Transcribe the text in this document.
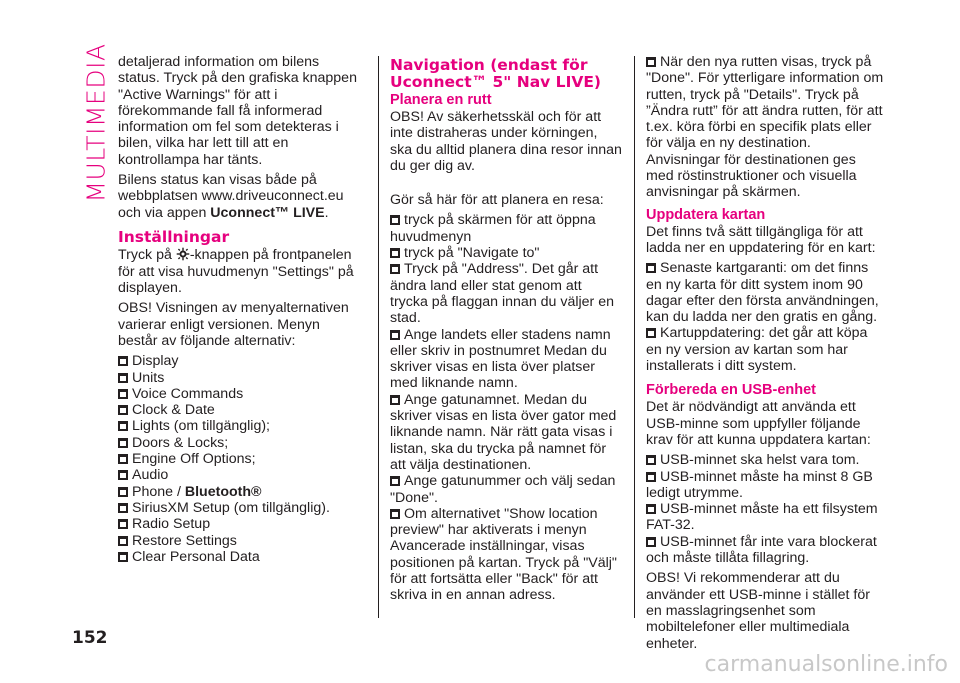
MULTIMEDIA detaljerad information om bilens status. Tryck på den grafiska knappen "Active Warnings" för att i förekommande fall få informerad information om fel som detekteras i bilen, vilka har lett till att en kontrollampa har tänts.

Bilens status kan visas både på webbplatsen www.driveuconnect.eu och via appen Uconnect™ LIVE.

Inställningar

Tryck på -knappen på frontpanelen för att visa huvudmenyn "Settings" på displayen.

OBS! Visningen av menyalternativen varierar enligt versionen. Menyn består av följande alternativ:

Display
Units
Voice Commands
Clock & Date
Lights (om tillgänglig);
Doors & Locks;
Engine Off Options;
Audio
Phone / Bluetooth®
SiriusXM Setup (om tillgänglig).
Radio Setup
Restore Settings
Clear Personal Data
Navigation (endast för Uconnect™ 5" Nav LIVE)
Planera en rutt

OBS! Av säkerhetsskäl och för att inte distraheras under körningen, ska du alltid planera dina resor innan du ger dig av.

Gör så här för att planera en resa:

tryck på skärmen för att öppna huvudmenyn
tryck på "Navigate to"
Tryck på "Address". Det går att ändra land eller stat genom att trycka på flaggan innan du väljer en stad.
Ange landets eller stadens namn eller skriv in postnumret Medan du skriver visas en lista över platser med liknande namn.
Ange gatunamnet. Medan du skriver visas en lista över gator med liknande namn. När rätt gata visas i listan, ska du trycka på namnet för att välja destinationen.
Ange gatunummer och välj sedan "Done".
Om alternativet "Show location preview" har aktiverats i menyn Avancerade inställningar, visas positionen på kartan. Tryck på "Välj" för att fortsätta eller "Back" för att skriva in en annan adress.

När den nya rutten visas, tryck på "Done". För ytterligare information om rutten, tryck på "Details". Tryck på ”Ändra rutt” för att ändra rutten, för att t.ex. köra förbi en specifik plats eller för välja en ny destination. Anvisningar för destinationen ges med röstinstruktioner och visuella anvisningar på skärmen.

Uppdatera kartan

Det finns två sätt tillgängliga för att ladda ner en uppdatering för en kart:

Senaste kartgaranti: om det finns en ny karta för ditt system inom 90 dagar efter den första användningen, kan du ladda ner den gratis en gång.
Kartuppdatering: det går att köpa en ny version av kartan som har installerats i ditt system.
Förbereda en USB-enhet

Det är nödvändigt att använda ett USB-minne som uppfyller följande krav för att kunna uppdatera kartan:

USB-minnet ska helst vara tom.
USB-minnet måste ha minst 8 GB ledigt utrymme.
USB-minnet måste ha ett filsystem FAT-32.
USB-minnet får inte vara blockerat och måste tillåta fillagring.

OBS! Vi rekommenderar att du använder ett USB-minne i stället för en masslagringsenhet som mobiltelefoner eller multimediala enheter.

152
carmanualsonline.info
